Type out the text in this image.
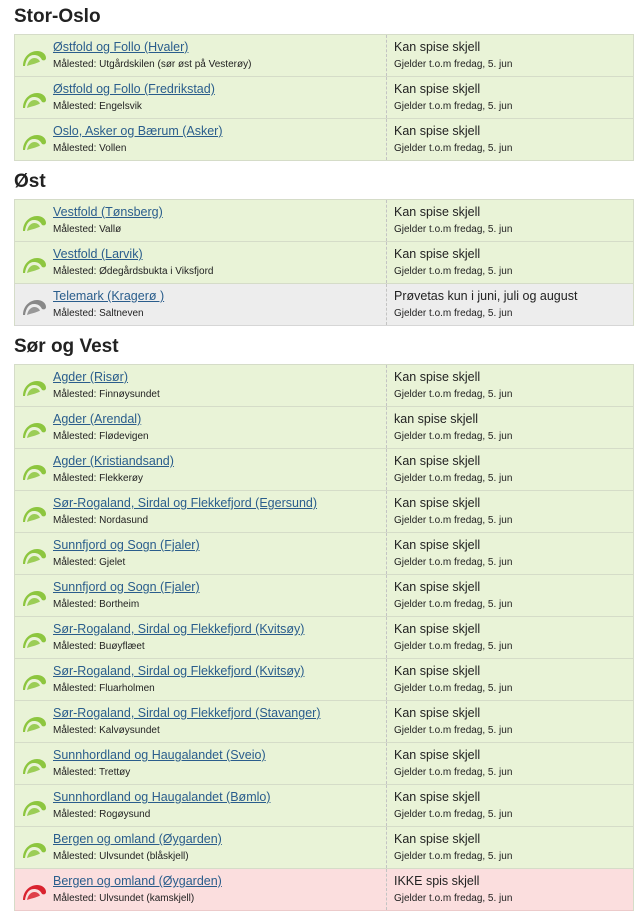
Stor-Oslo
Østfold og Follo (Hvaler)
Målested: Utgårdskilen (sør øst på Vesterøy)
Kan spise skjell
Gjelder t.o.m fredag, 5. jun
Østfold og Follo (Fredrikstad)
Målested: Engelsvik
Kan spise skjell
Gjelder t.o.m fredag, 5. jun
Oslo, Asker og Bærum (Asker)
Målested: Vollen
Kan spise skjell
Gjelder t.o.m fredag, 5. jun
Øst
Vestfold (Tønsberg)
Målested: Vallø
Kan spise skjell
Gjelder t.o.m fredag, 5. jun
Vestfold (Larvik)
Målested: Ødegårdsbukta i Viksfjord
Kan spise skjell
Gjelder t.o.m fredag, 5. jun
Telemark (Kragerø )
Målested: Saltneven
Prøvetas kun i juni, juli og august
Gjelder t.o.m fredag, 5. jun
Sør og Vest
Agder (Risør)
Målested: Finnøysundet
Kan spise skjell
Gjelder t.o.m fredag, 5. jun
Agder (Arendal)
Målested: Flødevigen
kan spise skjell
Gjelder t.o.m fredag, 5. jun
Agder (Kristiandsand)
Målested: Flekkerøy
Kan spise skjell
Gjelder t.o.m fredag, 5. jun
Sør-Rogaland, Sirdal og Flekkefjord (Egersund)
Målested: Nordasund
Kan spise skjell
Gjelder t.o.m fredag, 5. jun
Sunnfjord og Sogn (Fjaler)
Målested: Gjelet
Kan spise skjell
Gjelder t.o.m fredag, 5. jun
Sunnfjord og Sogn (Fjaler)
Målested: Bortheim
Kan spise skjell
Gjelder t.o.m fredag, 5. jun
Sør-Rogaland, Sirdal og Flekkefjord (Kvitsøy)
Målested: Buøyflæet
Kan spise skjell
Gjelder t.o.m fredag, 5. jun
Sør-Rogaland, Sirdal og Flekkefjord (Kvitsøy)
Målested: Fluarholmen
Kan spise skjell
Gjelder t.o.m fredag, 5. jun
Sør-Rogaland, Sirdal og Flekkefjord (Stavanger)
Målested: Kalvøysundet
Kan spise skjell
Gjelder t.o.m fredag, 5. jun
Sunnhordland og Haugalandet (Sveio)
Målested: Trettøy
Kan spise skjell
Gjelder t.o.m fredag, 5. jun
Sunnhordland og Haugalandet (Bømlo)
Målested: Rogøysund
Kan spise skjell
Gjelder t.o.m fredag, 5. jun
Bergen og omland (Øygarden)
Målested: Ulvsundet (blåskjell)
Kan spise skjell
Gjelder t.o.m fredag, 5. jun
Bergen og omland (Øygarden)
Målested: Ulvsundet (kamskjell)
IKKE spis skjell
Gjelder t.o.m fredag, 5. jun
